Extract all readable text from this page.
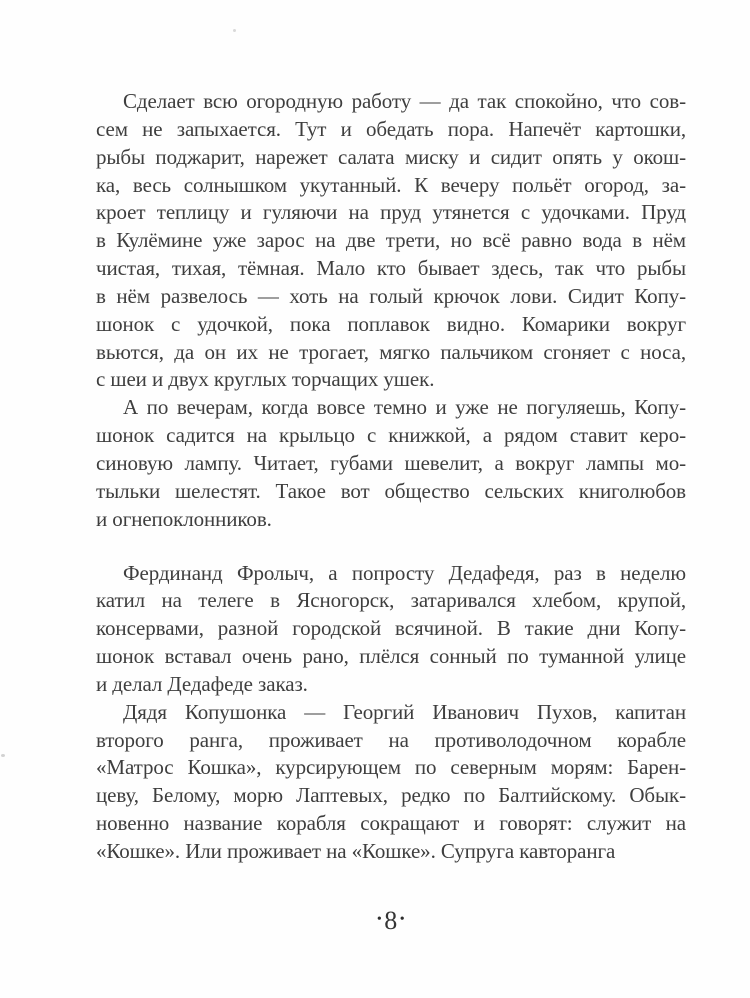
Сделает всю огородную работу — да так спокойно, что сов-
сем не запыхается. Тут и обедать пора. Напечёт картошки,
рыбы поджарит, нарежет салата миску и сидит опять у окош-
ка, весь солнышком укутанный. К вечеру польёт огород, за-
кроет теплицу и гуляючи на пруд утянется с удочками. Пруд
в Кулёмине уже зарос на две трети, но всё равно вода в нём
чистая, тихая, тёмная. Мало кто бывает здесь, так что рыбы
в нём развелось — хоть на голый крючок лови. Сидит Копу-
шонок с удочкой, пока поплавок видно. Комарики вокруг
вьются, да он их не трогает, мягко пальчиком сгоняет с носа,
с шеи и двух круглых торчащих ушек.
А по вечерам, когда вовсе темно и уже не погуляешь, Копу-
шонок садится на крыльцо с книжкой, а рядом ставит керо-
синовую лампу. Читает, губами шевелит, а вокруг лампы мо-
тыльки шелестят. Такое вот общество сельских книголюбов
и огнепоклонников.
Фердинанд Фролыч, а попросту Дедафедя, раз в неделю
катил на телеге в Ясногорск, затаривался хлебом, крупой,
консервами, разной городской всячиной. В такие дни Копу-
шонок вставал очень рано, плёлся сонный по туманной улице
и делал Дедафеде заказ.
Дядя Копушонка — Георгий Иванович Пухов, капитан
второго ранга, проживает на противолодочном корабле
«Матрос Кошка», курсирующем по северным морям: Барен-
цеву, Белому, морю Лаптевых, редко по Балтийскому. Обык-
новенно название корабля сокращают и говорят: служит на
«Кошке». Или проживает на «Кошке». Супруга кавторанга
•8 •
